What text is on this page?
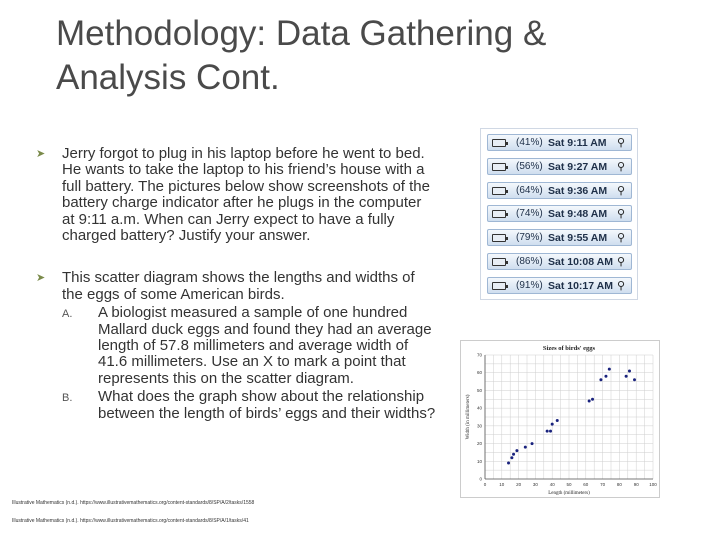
Methodology: Data Gathering & Analysis Cont.
➤ Jerry forgot to plug in his laptop before he went to bed. He wants to take the laptop to his friend’s house with a full battery. The pictures below show screenshots of the battery charge indicator after he plugs in the computer at 9:11 a.m. When can Jerry expect to have a fully charged battery? Justify your answer.
➤ This scatter diagram shows the lengths and widths of the eggs of some American birds.
A. A biologist measured a sample of one hundred Mallard duck eggs and found they had an average length of 57.8 millimeters and average width of 41.6 millimeters. Use an X to mark a point that represents this on the scatter diagram.
B. What does the graph show about the relationship between the length of birds’ eggs and their widths?
(41%) Sat 9:11 AM ⚲
(56%) Sat 9:27 AM ⚲
(64%) Sat 9:36 AM ⚲
(74%) Sat 9:48 AM ⚲
(79%) Sat 9:55 AM ⚲
(86%) Sat 10:08 AM ⚲
(91%) Sat 10:17 AM ⚲
0	10	20	30	40	50	60	70	80	90 100
0
10
20
30
40
50
60
70
Sizes of birds' eggs
Length (millimeters)
Width (in millimeters)
Illustrative Mathematics (n.d.). https://www.illustrativemathematics.org/content-standards/8/SP/A/2/tasks/1558
Illustrative Mathematics (n.d.). https://www.illustrativemathematics.org/content-standards/8/SP/A/1/tasks/41
